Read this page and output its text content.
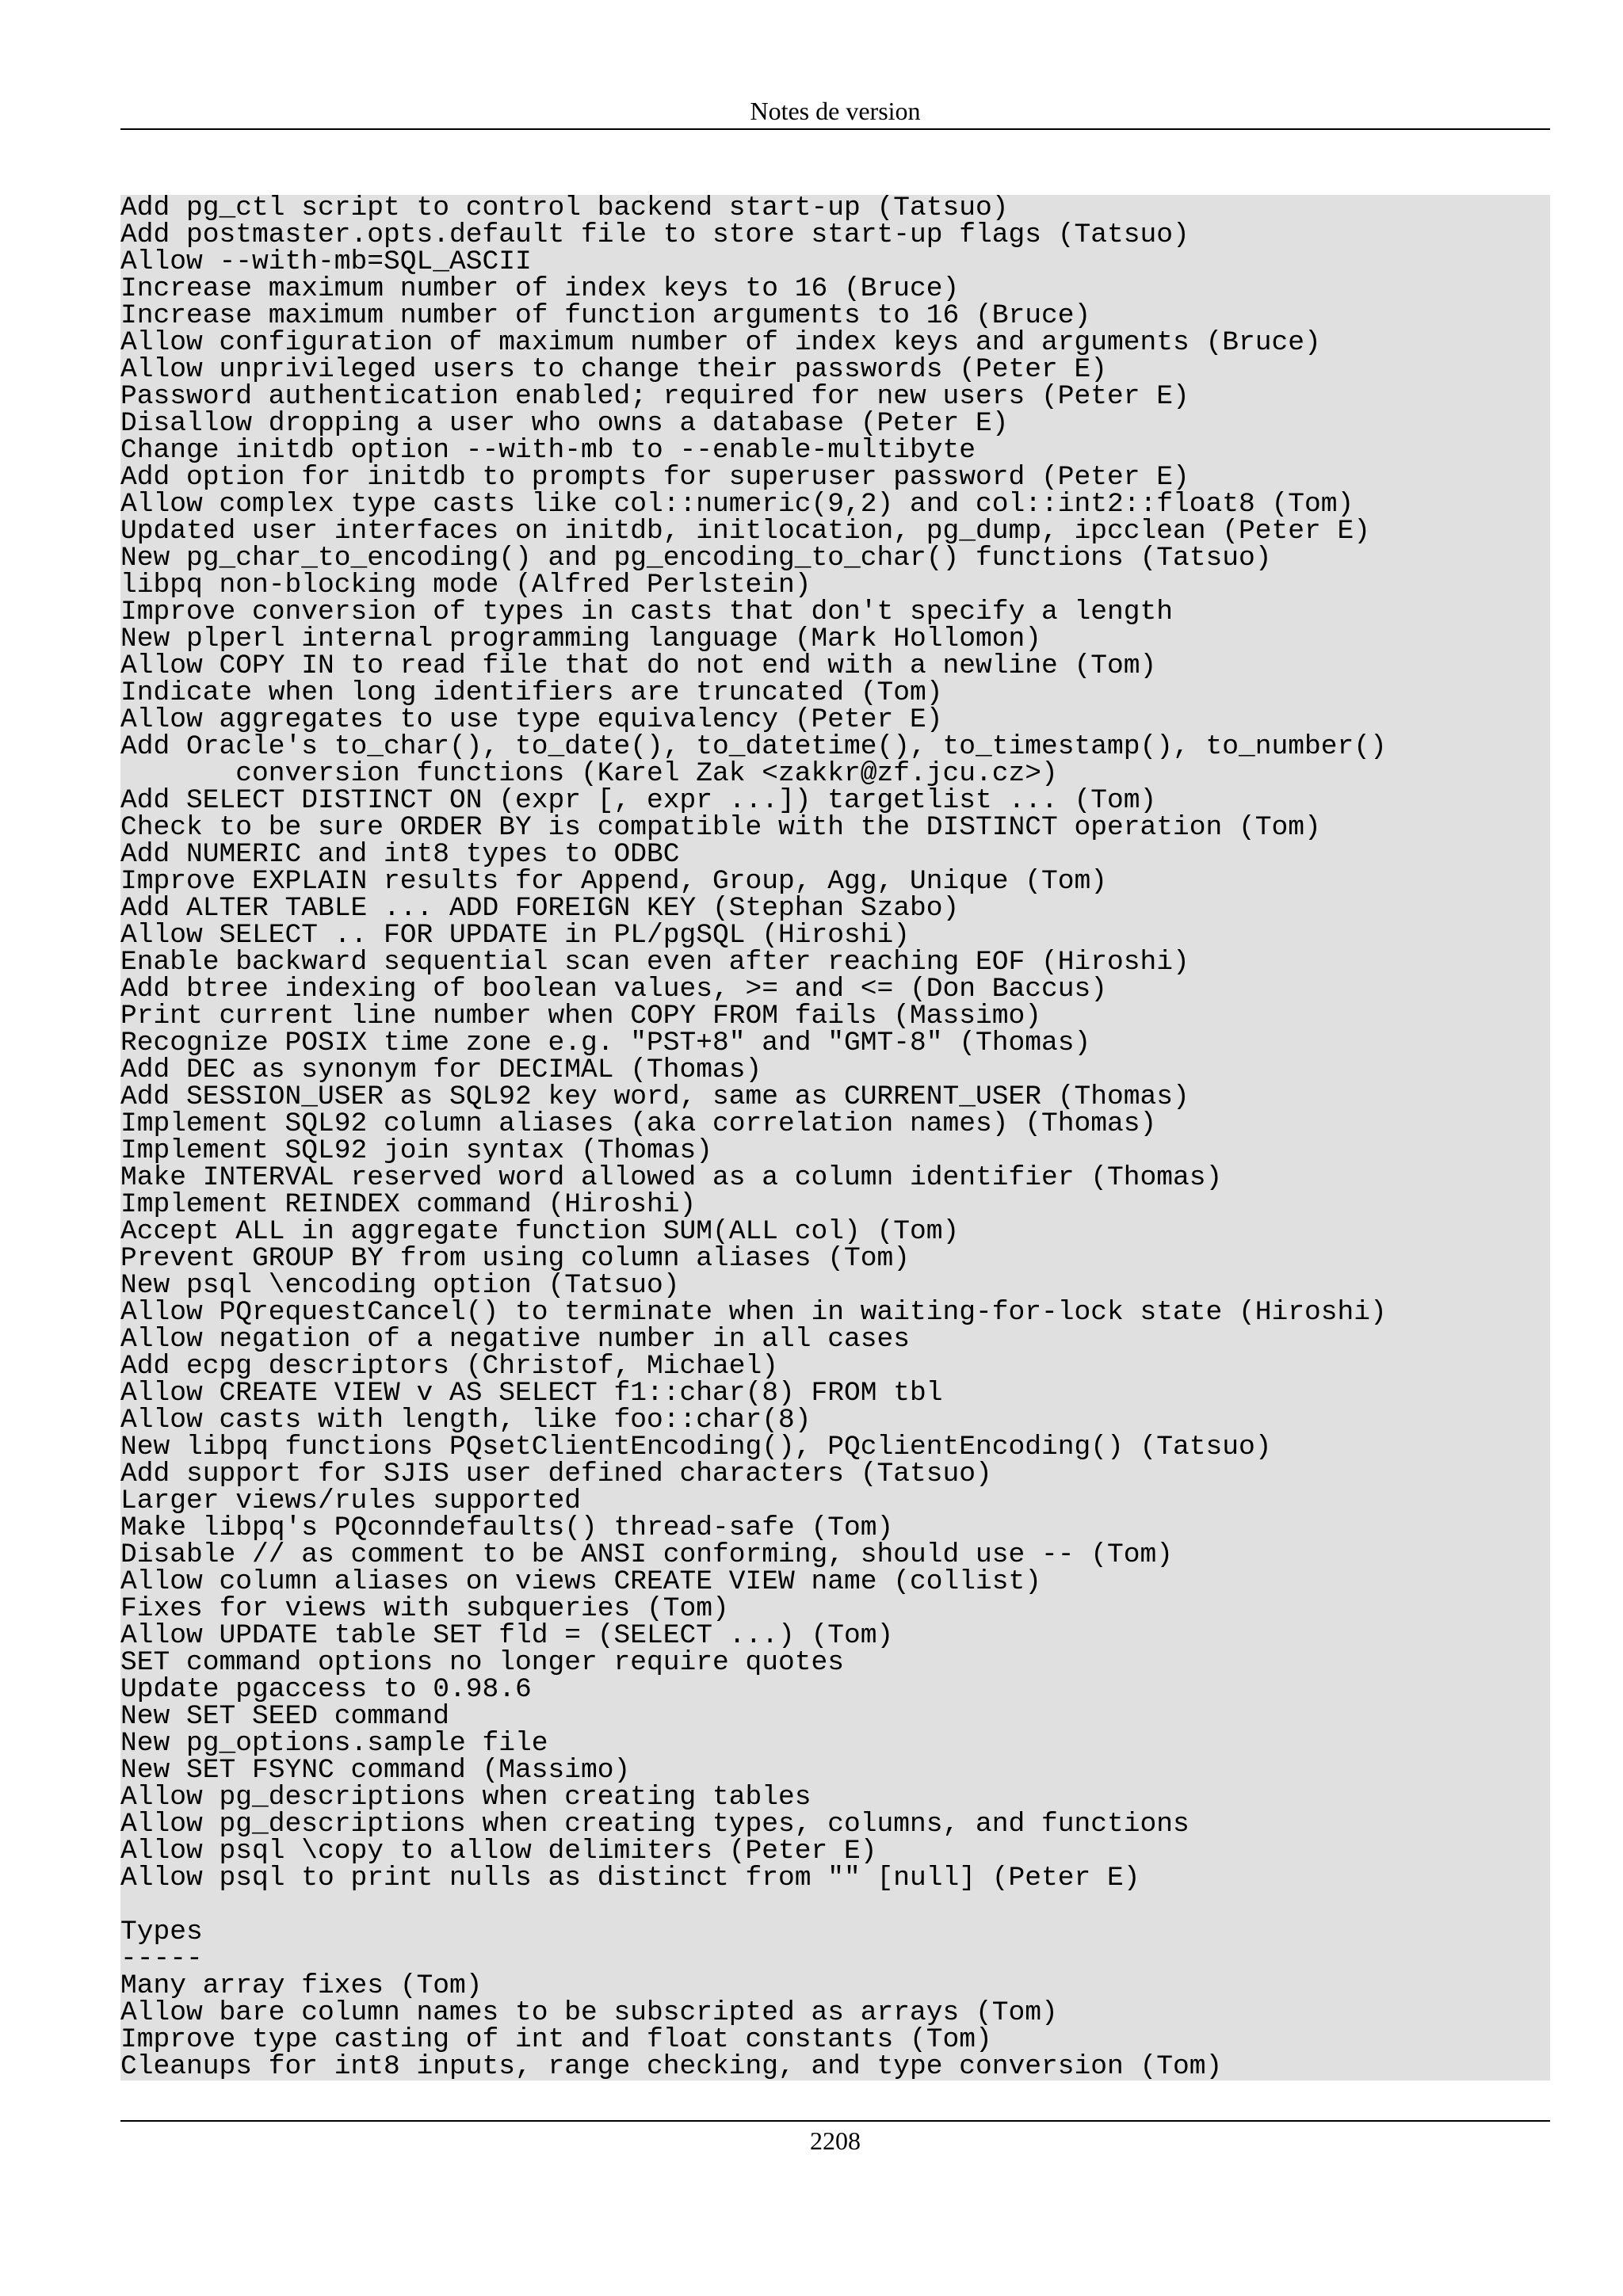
Notes de version
Add pg_ctl script to control backend start-up (Tatsuo)
Add postmaster.opts.default file to store start-up flags (Tatsuo)
Allow --with-mb=SQL_ASCII
Increase maximum number of index keys to 16 (Bruce)
Increase maximum number of function arguments to 16 (Bruce)
Allow configuration of maximum number of index keys and arguments (Bruce)
Allow unprivileged users to change their passwords (Peter E)
Password authentication enabled; required for new users (Peter E)
Disallow dropping a user who owns a database (Peter E)
Change initdb option --with-mb to --enable-multibyte
Add option for initdb to prompts for superuser password (Peter E)
Allow complex type casts like col::numeric(9,2) and col::int2::float8 (Tom)
Updated user interfaces on initdb, initlocation, pg_dump, ipcclean (Peter E)
New pg_char_to_encoding() and pg_encoding_to_char() functions (Tatsuo)
libpq non-blocking mode (Alfred Perlstein)
Improve conversion of types in casts that don't specify a length
New plperl internal programming language (Mark Hollomon)
Allow COPY IN to read file that do not end with a newline (Tom)
Indicate when long identifiers are truncated (Tom)
Allow aggregates to use type equivalency (Peter E)
Add Oracle's to_char(), to_date(), to_datetime(), to_timestamp(), to_number()
conversion functions (Karel Zak <zakkr@zf.jcu.cz>)
Add SELECT DISTINCT ON (expr [, expr ...]) targetlist ... (Tom)
Check to be sure ORDER BY is compatible with the DISTINCT operation (Tom)
Add NUMERIC and int8 types to ODBC
Improve EXPLAIN results for Append, Group, Agg, Unique (Tom)
Add ALTER TABLE ... ADD FOREIGN KEY (Stephan Szabo)
Allow SELECT .. FOR UPDATE in PL/pgSQL (Hiroshi)
Enable backward sequential scan even after reaching EOF (Hiroshi)
Add btree indexing of boolean values, >= and <= (Don Baccus)
Print current line number when COPY FROM fails (Massimo)
Recognize POSIX time zone e.g. "PST+8" and "GMT-8" (Thomas)
Add DEC as synonym for DECIMAL (Thomas)
Add SESSION_USER as SQL92 key word, same as CURRENT_USER (Thomas)
Implement SQL92 column aliases (aka correlation names) (Thomas)
Implement SQL92 join syntax (Thomas)
Make INTERVAL reserved word allowed as a column identifier (Thomas)
Implement REINDEX command (Hiroshi)
Accept ALL in aggregate function SUM(ALL col) (Tom)
Prevent GROUP BY from using column aliases (Tom)
New psql \encoding option (Tatsuo)
Allow PQrequestCancel() to terminate when in waiting-for-lock state (Hiroshi)
Allow negation of a negative number in all cases
Add ecpg descriptors (Christof, Michael)
Allow CREATE VIEW v AS SELECT f1::char(8) FROM tbl
Allow casts with length, like foo::char(8)
New libpq functions PQsetClientEncoding(), PQclientEncoding() (Tatsuo)
Add support for SJIS user defined characters (Tatsuo)
Larger views/rules supported
Make libpq's PQconndefaults() thread-safe (Tom)
Disable // as comment to be ANSI conforming, should use -- (Tom)
Allow column aliases on views CREATE VIEW name (collist)
Fixes for views with subqueries (Tom)
Allow UPDATE table SET fld = (SELECT ...) (Tom)
SET command options no longer require quotes
Update pgaccess to 0.98.6
New SET SEED command
New pg_options.sample file
New SET FSYNC command (Massimo)
Allow pg_descriptions when creating tables
Allow pg_descriptions when creating types, columns, and functions
Allow psql \copy to allow delimiters (Peter E)
Allow psql to print nulls as distinct from "" [null] (Peter E)
Types
-----
Many array fixes (Tom)
Allow bare column names to be subscripted as arrays (Tom)
Improve type casting of int and float constants (Tom)
Cleanups for int8 inputs, range checking, and type conversion (Tom)
2208
